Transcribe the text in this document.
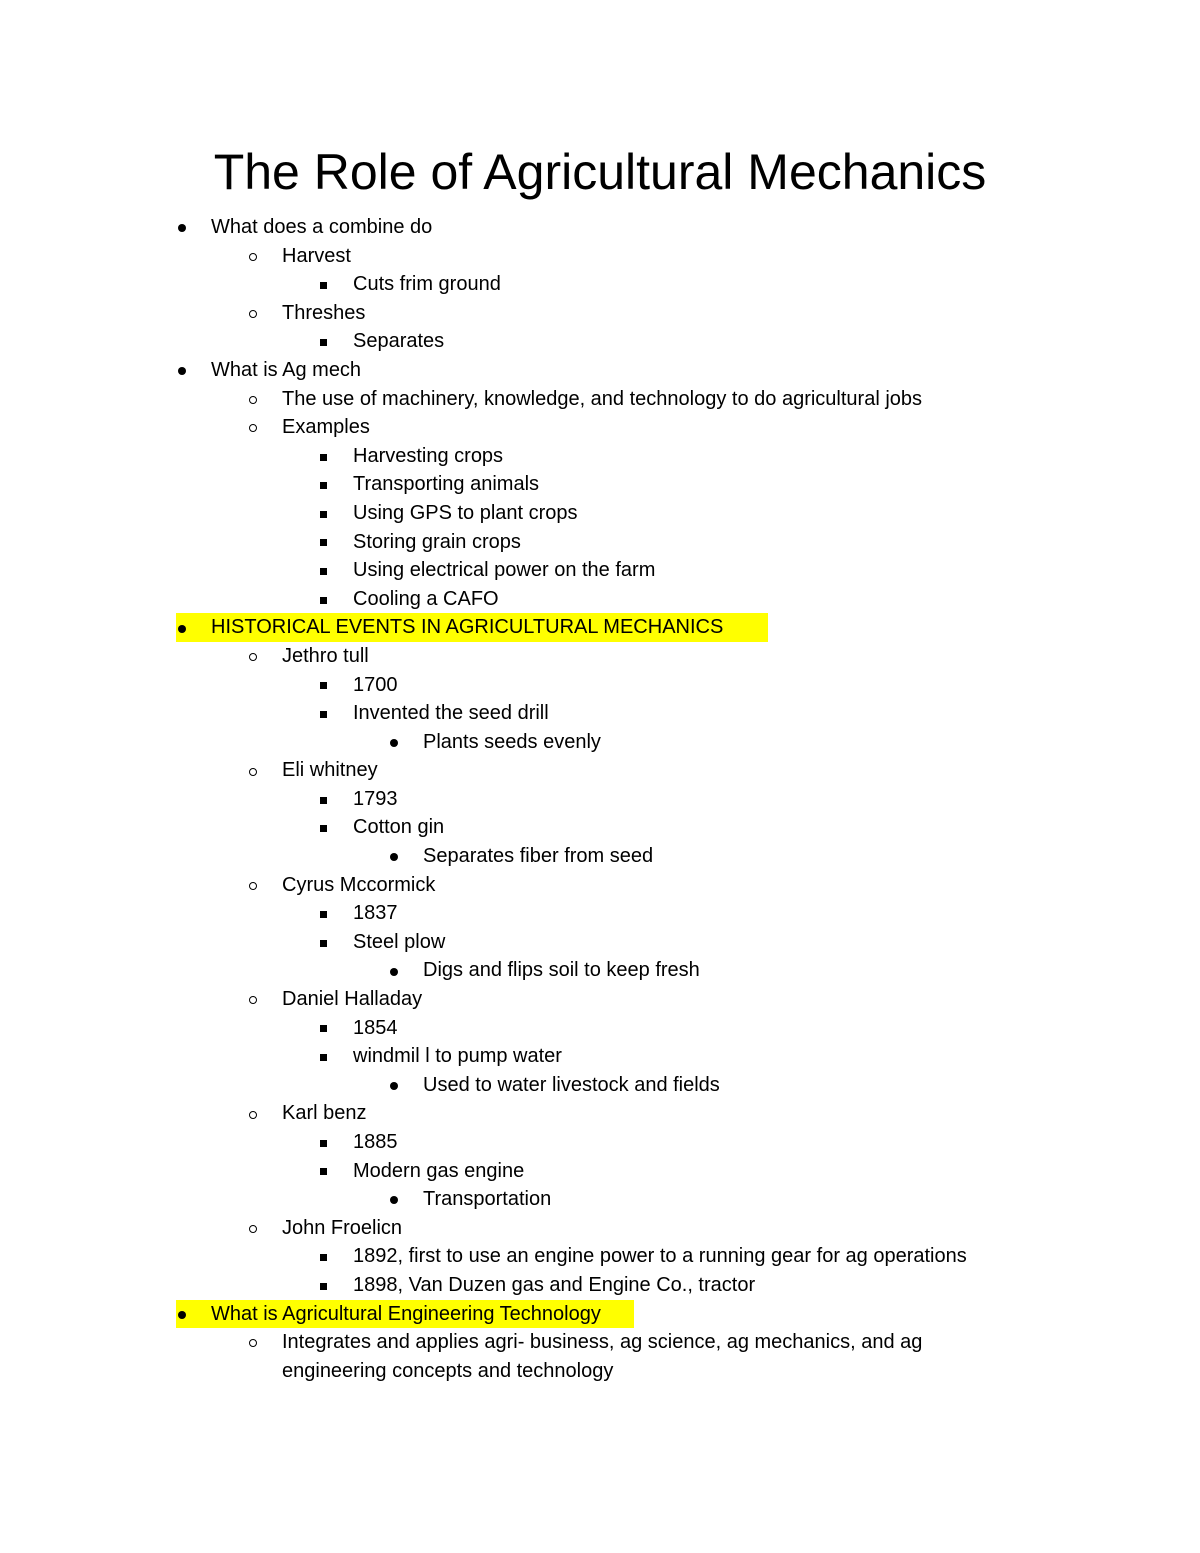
The Role of Agricultural Mechanics
What does a combine do
Harvest
Cuts frim ground
Threshes
Separates
What is Ag mech
The use of machinery, knowledge, and technology to do agricultural jobs
Examples
Harvesting crops
Transporting animals
Using GPS to plant crops
Storing grain crops
Using electrical power on the farm
Cooling a CAFO
HISTORICAL EVENTS IN AGRICULTURAL MECHANICS
Jethro tull
1700
Invented the seed drill
Plants seeds evenly
Eli whitney
1793
Cotton gin
Separates fiber from seed
Cyrus Mccormick
1837
Steel plow
Digs and flips soil to keep fresh
Daniel Halladay
1854
windmil l to pump water
Used to water livestock and fields
Karl benz
1885
Modern gas engine
Transportation
John Froelicn
1892, first to use an engine power to a running gear for ag operations
1898, Van Duzen gas and Engine Co., tractor
What is Agricultural Engineering Technology
Integrates and applies agri- business, ag science, ag mechanics, and ag engineering concepts and technology
